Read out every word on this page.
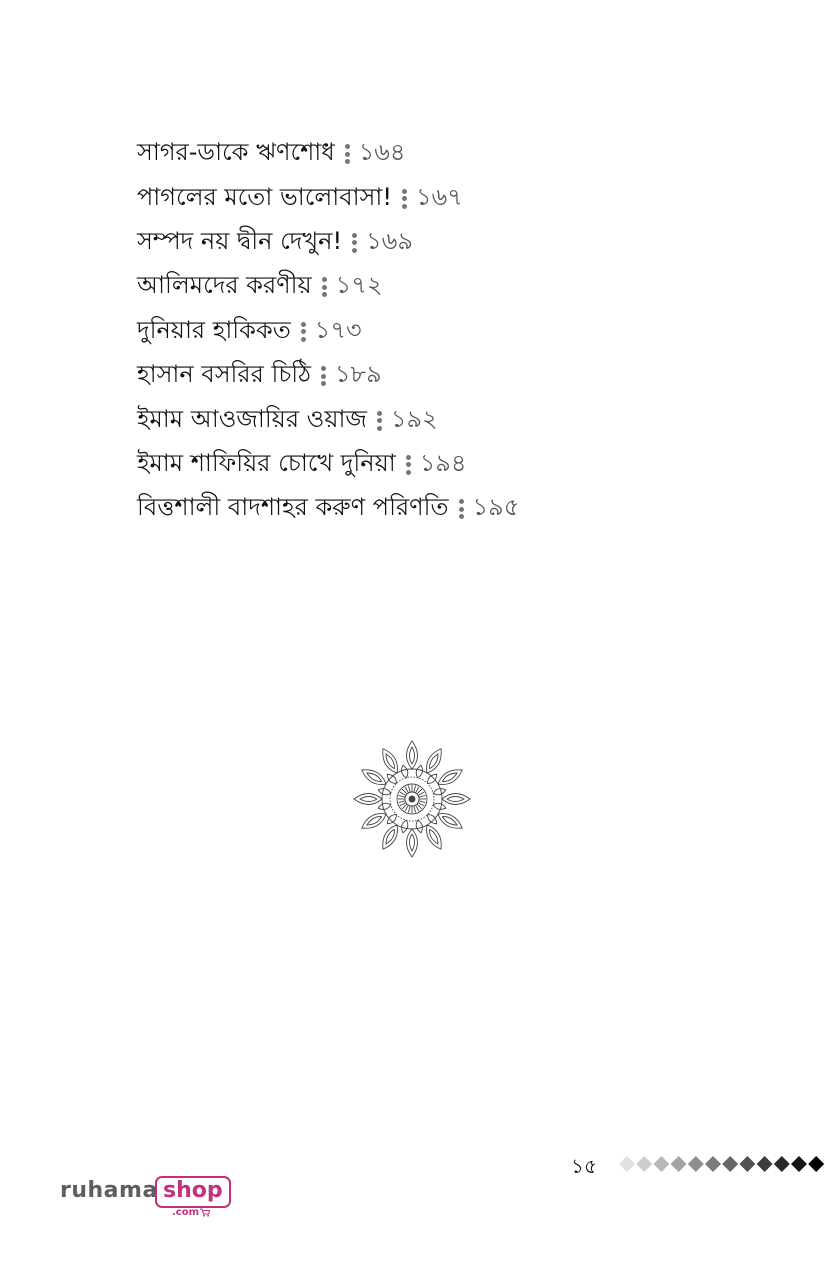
সাগর-ডাকে ঋণশোধ ১৬৪
পাগলের মতো ভালোবাসা! ১৬৭
সম্পদ নয় দ্বীন দেখুন! ১৬৯
আলিমদের করণীয় ১৭২
দুনিয়ার হাকিকত ১৭৩
হাসান বসরির চিঠি ১৮৯
ইমাম আওজায়ির ওয়াজ ১৯২
ইমাম শাফিয়ির চোখে দুনিয়া ১৯৪
বিত্তশালী বাদশাহর করুণ পরিণতি ১৯৫
১৫
ruhama shop
.com
